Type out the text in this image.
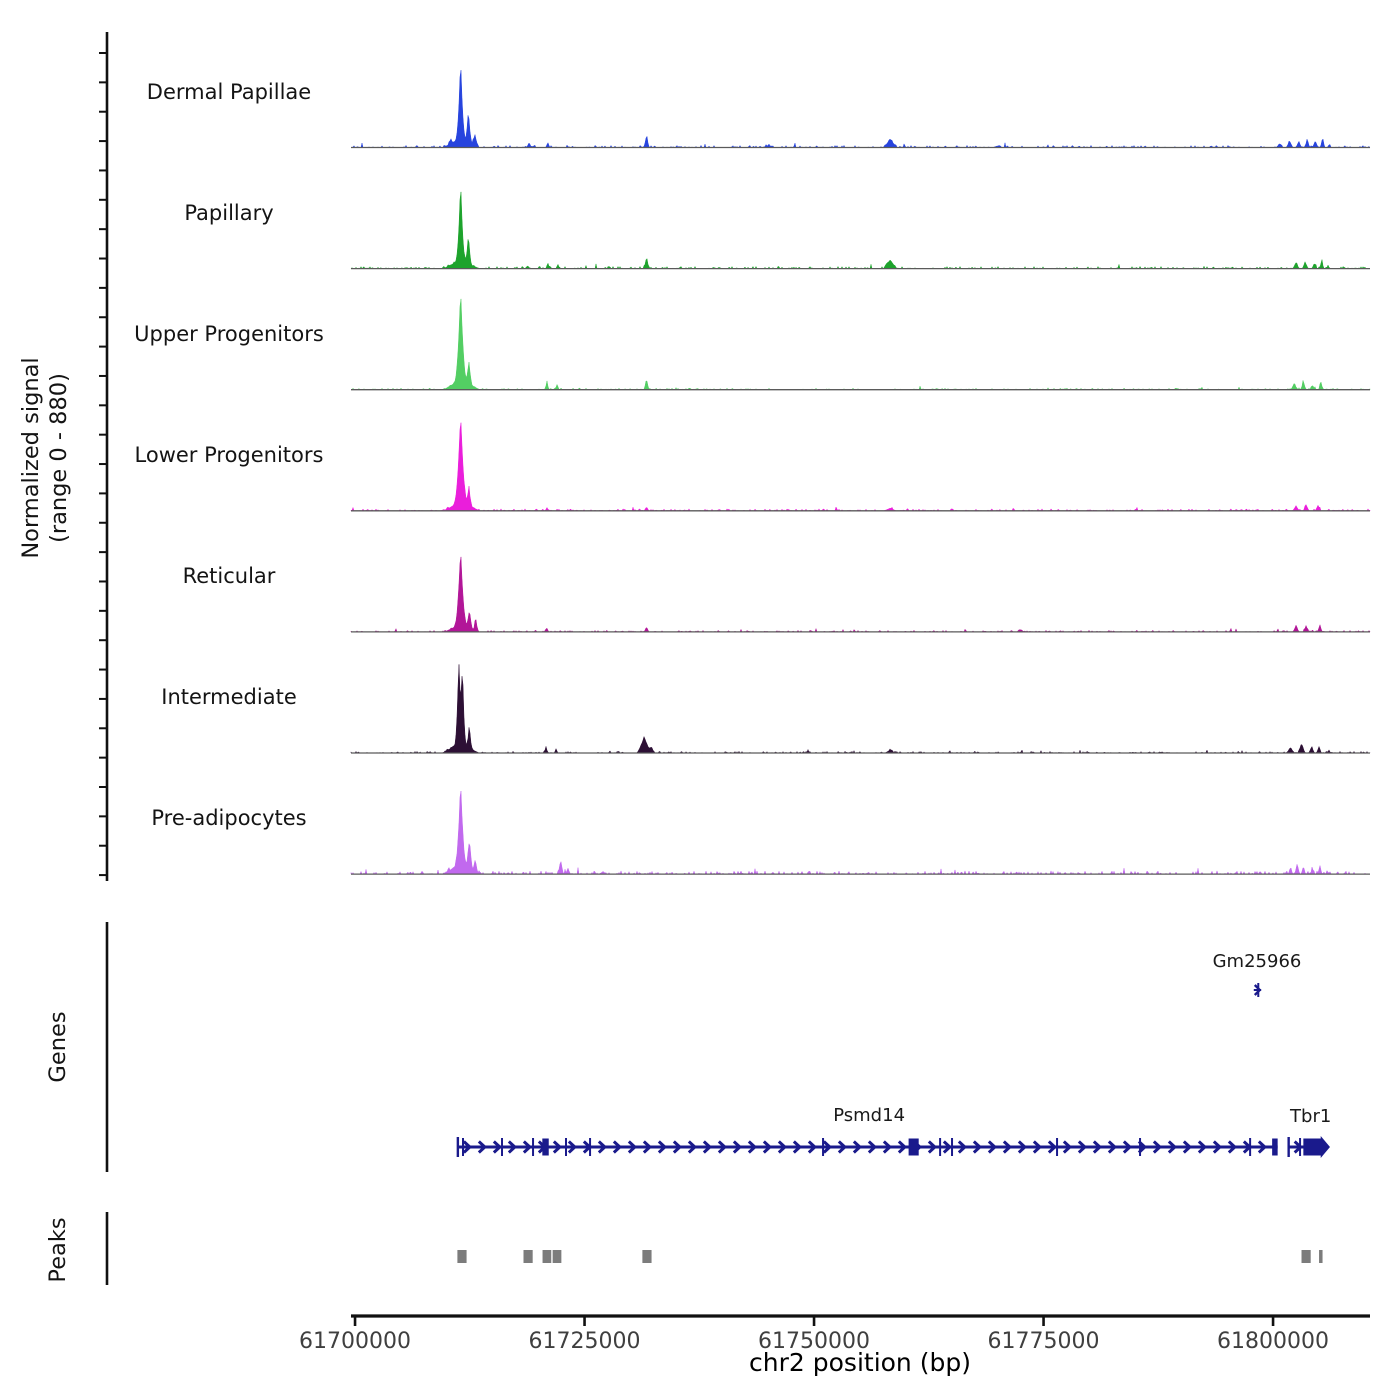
Normalized signal (range 0 - 880)
Genes
Peaks
chr2 position (bp)
Dermal Papillae
Papillary
Upper Progenitors
Lower Progenitors
Reticular
Intermediate
Pre-adipocytes
Gm25966
Psmd14	Tbr1
61700000	61725000	61750000	61775000	61800000
